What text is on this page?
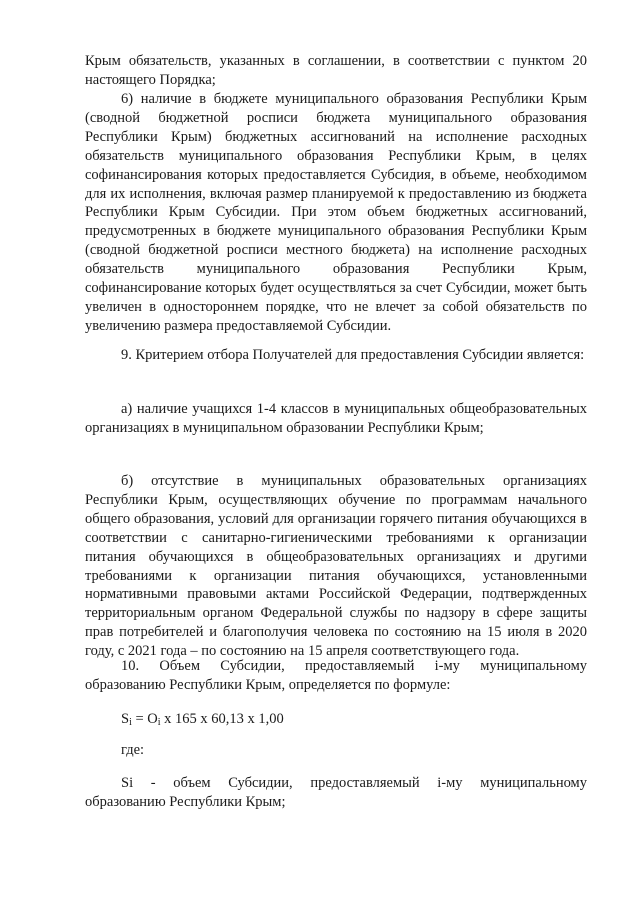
Крым обязательств, указанных в соглашении, в соответствии с пунктом 20 настоящего Порядка;

6) наличие в бюджете муниципального образования Республики Крым (сводной бюджетной росписи бюджета муниципального образования Республики Крым) бюджетных ассигнований на исполнение расходных обязательств муниципального образования Республики Крым, в целях софинансирования которых предоставляется Субсидия, в объеме, необходимом для их исполнения, включая размер планируемой к предоставлению из бюджета Республики Крым Субсидии. При этом объем бюджетных ассигнований, предусмотренных в бюджете муниципального образования Республики Крым (сводной бюджетной росписи местного бюджета) на исполнение расходных обязательств муниципального образования Республики Крым, софинансирование которых будет осуществляться за счет Субсидии, может быть увеличен в одностороннем порядке, что не влечет за собой обязательств по увеличению размера предоставляемой Субсидии.

9. Критерием отбора Получателей для предоставления Субсидии является:

а) наличие учащихся 1-4 классов в муниципальных общеобразовательных организациях в муниципальном образовании Республики Крым;

б) отсутствие в муниципальных образовательных организациях Республики Крым, осуществляющих обучение по программам начального общего образования, условий для организации горячего питания обучающихся в соответствии с санитарно-гигиеническими требованиями к организации питания обучающихся в общеобразовательных организациях и другими требованиями к организации питания обучающихся, установленными нормативными правовыми актами Российской Федерации, подтвержденных территориальным органом Федеральной службы по надзору в сфере защиты прав потребителей и благополучия человека по состоянию на 15 июля в 2020 году, с 2021 года – по состоянию на 15 апреля соответствующего года.

10. Объем Субсидии, предоставляемый i-му муниципальному образованию Республики Крым, определяется по формуле:

$S_i = O_i$ x 165 x 60,13 x 1,00

где:

Si - объем Субсидии, предоставляемый i-му муниципальному образованию Республики Крым;
